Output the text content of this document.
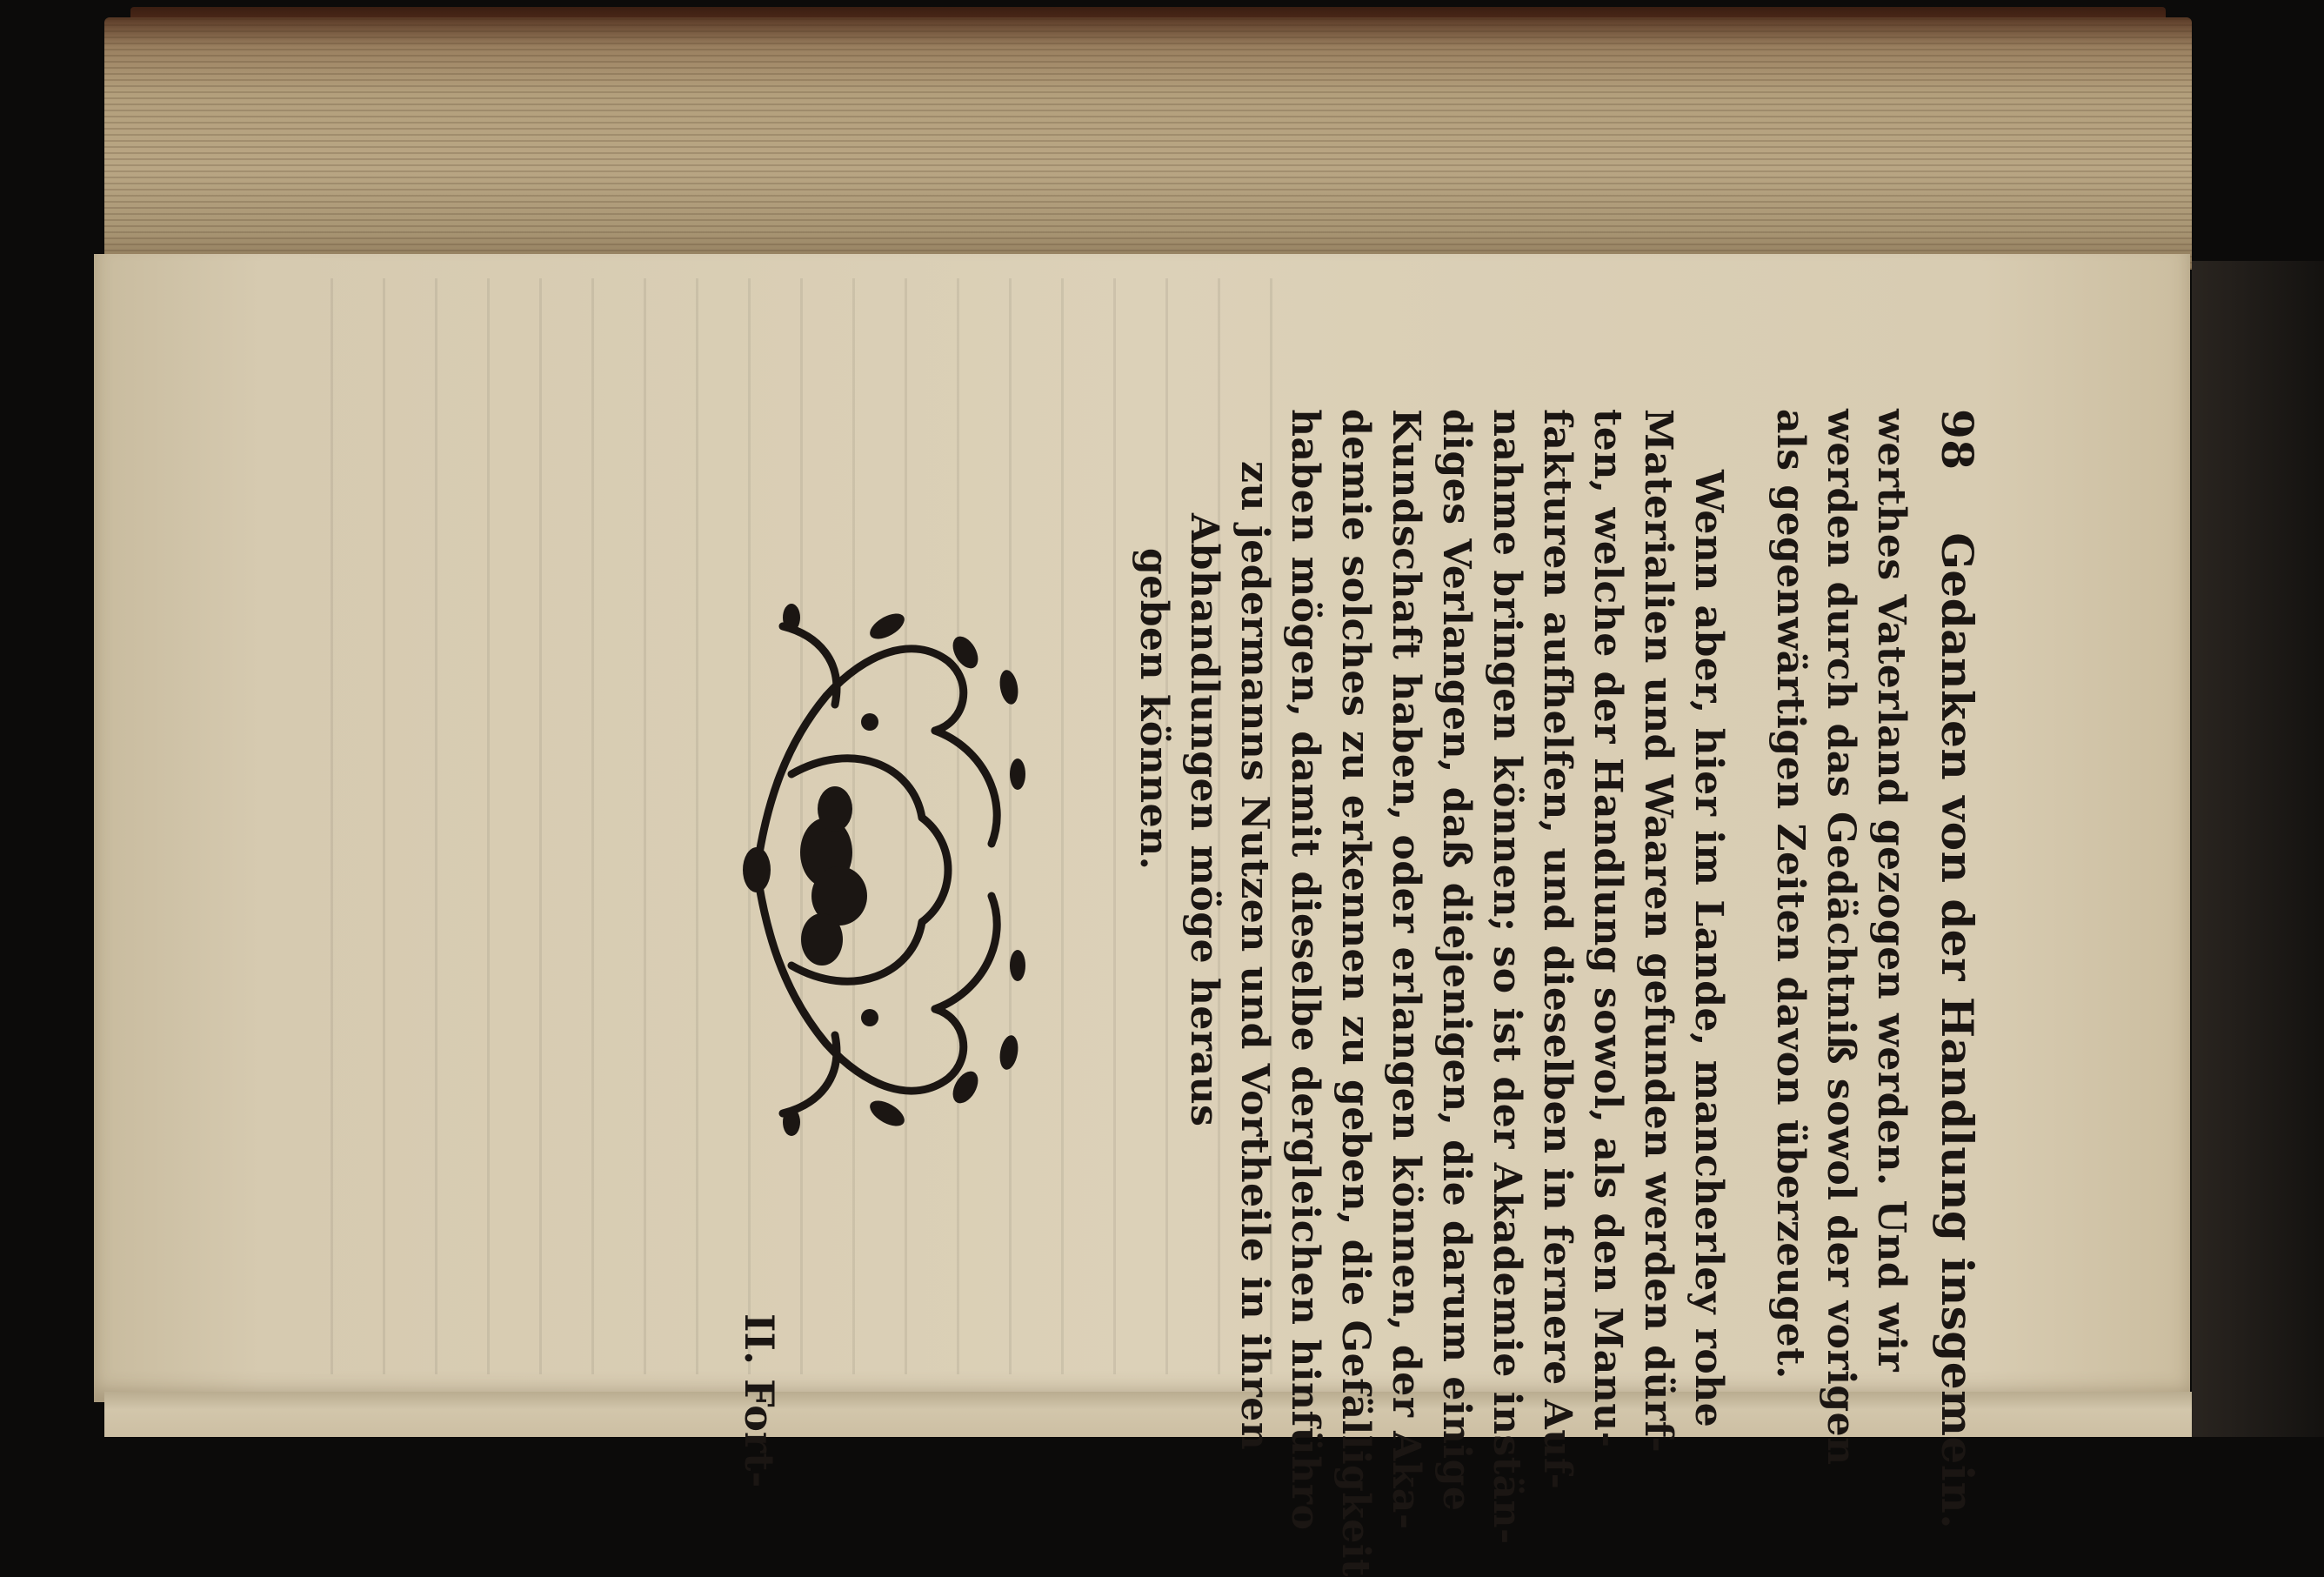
98    Gedanken von der Handlung insgemein.
werthes Vaterland gezogen werden. Und wir
werden durch das Gedächtniß sowol der vorigen
als gegenwärtigen Zeiten davon überzeuget.
Wenn aber, hier im Lande, mancherley rohe
Materialien und Waaren gefunden werden dürf-
ten, welche der Handlung sowol, als den Manu-
fakturen aufhelfen, und dieselben in fernere Auf-
nahme bringen können; so ist der Akademie instän-
diges Verlangen, daß diejenigen, die darum einige
Kundschaft haben, oder erlangen können, der Aka-
demie solches zu erkennen zu geben, die Gefälligkeit
haben mögen, damit dieselbe dergleichen hinführo
zu jedermanns Nutzen und Vortheile in ihren
Abhandlungen möge heraus
geben können.
II. Fort-
